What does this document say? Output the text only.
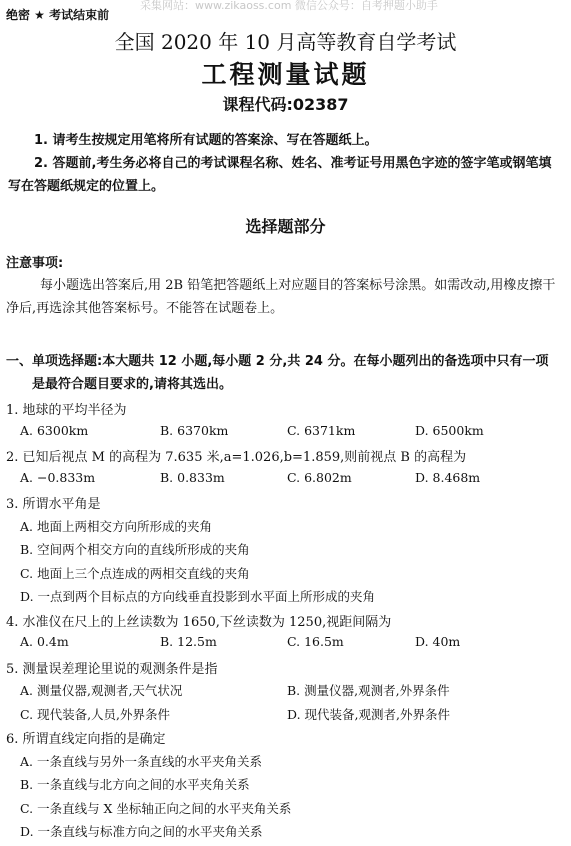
采集网站：www.zikaoss.com 微信公众号：自考押题小助手
绝密 ★ 考试结束前
全国 2020 年 10 月高等教育自学考试
工程测量试题
课程代码:02387
1. 请考生按规定用笔将所有试题的答案涂、写在答题纸上。
2. 答题前,考生务必将自己的考试课程名称、姓名、准考证号用黑色字迹的签字笔或钢笔填写在答题纸规定的位置上。
选择题部分
注意事项:
每小题选出答案后,用 2B 铅笔把答题纸上对应题目的答案标号涂黑。如需改动,用橡皮擦干净后,再选涂其他答案标号。不能答在试题卷上。
一、单项选择题:本大题共 12 小题,每小题 2 分,共 24 分。在每小题列出的备选项中只有一项
是最符合题目要求的,请将其选出。
1. 地球的平均半径为
A. 6300km	B. 6370km	C. 6371km	D. 6500km
2. 已知后视点 M 的高程为 7.635 米,a=1.026,b=1.859,则前视点 B 的高程为
A. −0.833m	B. 0.833m	C. 6.802m	D. 8.468m
3. 所谓水平角是
A. 地面上两相交方向所形成的夹角
B. 空间两个相交方向的直线所形成的夹角
C. 地面上三个点连成的两相交直线的夹角
D. 一点到两个目标点的方向线垂直投影到水平面上所形成的夹角
4. 水准仪在尺上的上丝读数为 1650,下丝读数为 1250,视距间隔为
A. 0.4m	B. 12.5m	C. 16.5m	D. 40m
5. 测量误差理论里说的观测条件是指
A. 测量仪器,观测者,天气状况	B. 测量仪器,观测者,外界条件
C. 现代装备,人员,外界条件	D. 现代装备,观测者,外界条件
6. 所谓直线定向指的是确定
A. 一条直线与另外一条直线的水平夹角关系
B. 一条直线与北方向之间的水平夹角关系
C. 一条直线与 X 坐标轴正向之间的水平夹角关系
D. 一条直线与标准方向之间的水平夹角关系
